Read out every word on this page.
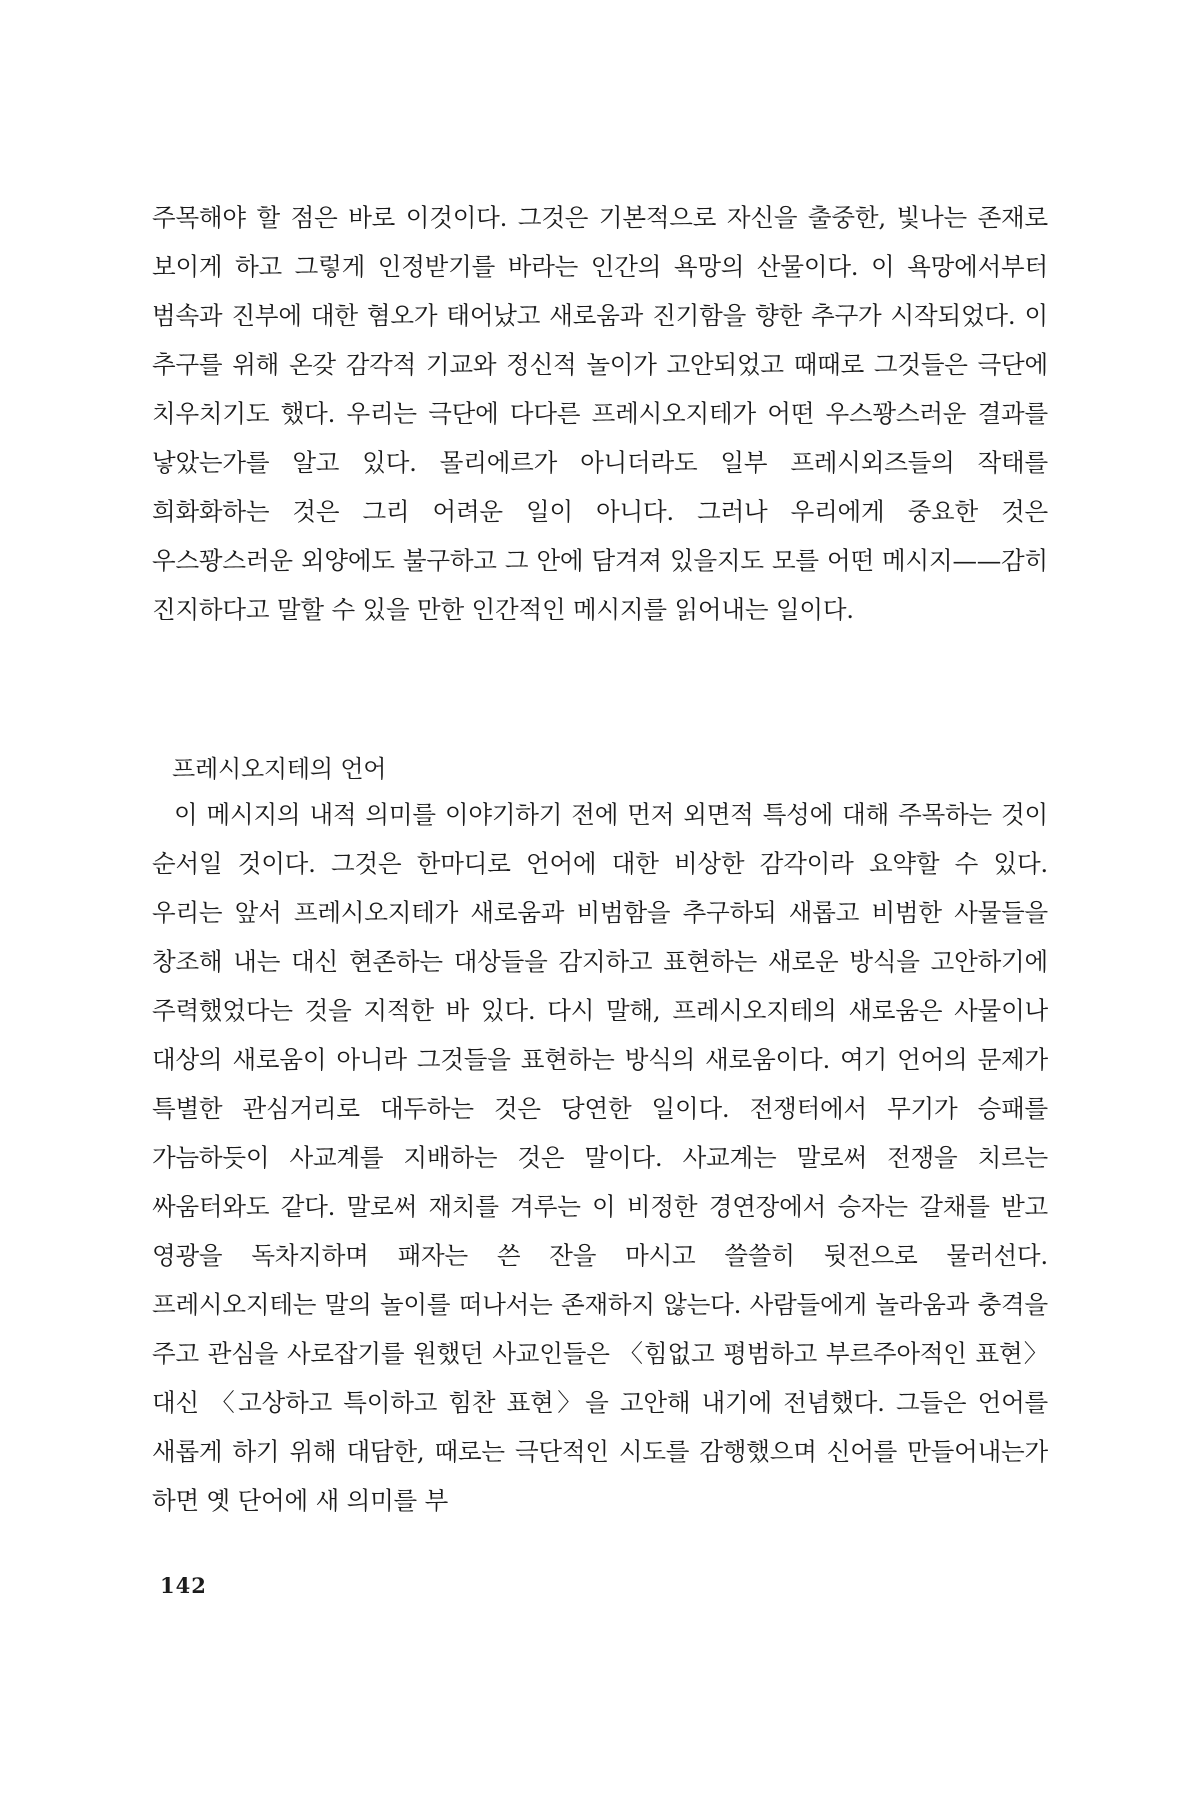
주목해야 할 점은 바로 이것이다. 그것은 기본적으로 자신을 출중한, 빛나는 존재로 보이게 하고 그렇게 인정받기를 바라는 인간의 욕망의 산물이다. 이 욕망에서부터 범속과 진부에 대한 혐오가 태어났고 새로움과 진기함을 향한 추구가 시작되었다. 이 추구를 위해 온갖 감각적 기교와 정신적 놀이가 고안되었고 때때로 그것들은 극단에 치우치기도 했다. 우리는 극단에 다다른 프레시오지테가 어떤 우스꽝스러운 결과를 낳았는가를 알고 있다. 몰리에르가 아니더라도 일부 프레시외즈들의 작태를 희화화하는 것은 그리 어려운 일이 아니다. 그러나 우리에게 중요한 것은 우스꽝스러운 외양에도 불구하고 그 안에 담겨져 있을지도 모를 어떤 메시지——감히 진지하다고 말할 수 있을 만한 인간적인 메시지를 읽어내는 일이다.

프레시오지테의 언어

이 메시지의 내적 의미를 이야기하기 전에 먼저 외면적 특성에 대해 주목하는 것이 순서일 것이다. 그것은 한마디로 언어에 대한 비상한 감각이라 요약할 수 있다. 우리는 앞서 프레시오지테가 새로움과 비범함을 추구하되 새롭고 비범한 사물들을 창조해 내는 대신 현존하는 대상들을 감지하고 표현하는 새로운 방식을 고안하기에 주력했었다는 것을 지적한 바 있다. 다시 말해, 프레시오지테의 새로움은 사물이나 대상의 새로움이 아니라 그것들을 표현하는 방식의 새로움이다. 여기 언어의 문제가 특별한 관심거리로 대두하는 것은 당연한 일이다. 전쟁터에서 무기가 승패를 가늠하듯이 사교계를 지배하는 것은 말이다. 사교계는 말로써 전쟁을 치르는 싸움터와도 같다. 말로써 재치를 겨루는 이 비정한 경연장에서 승자는 갈채를 받고 영광을 독차지하며 패자는 쓴 잔을 마시고 쓸쓸히 뒷전으로 물러선다. 프레시오지테는 말의 놀이를 떠나서는 존재하지 않는다. 사람들에게 놀라움과 충격을 주고 관심을 사로잡기를 원했던 사교인들은 〈힘없고 평범하고 부르주아적인 표현〉 대신 〈고상하고 특이하고 힘찬 표현〉을 고안해 내기에 전념했다. 그들은 언어를 새롭게 하기 위해 대담한, 때로는 극단적인 시도를 감행했으며 신어를 만들어내는가 하면 옛 단어에 새 의미를 부

142
